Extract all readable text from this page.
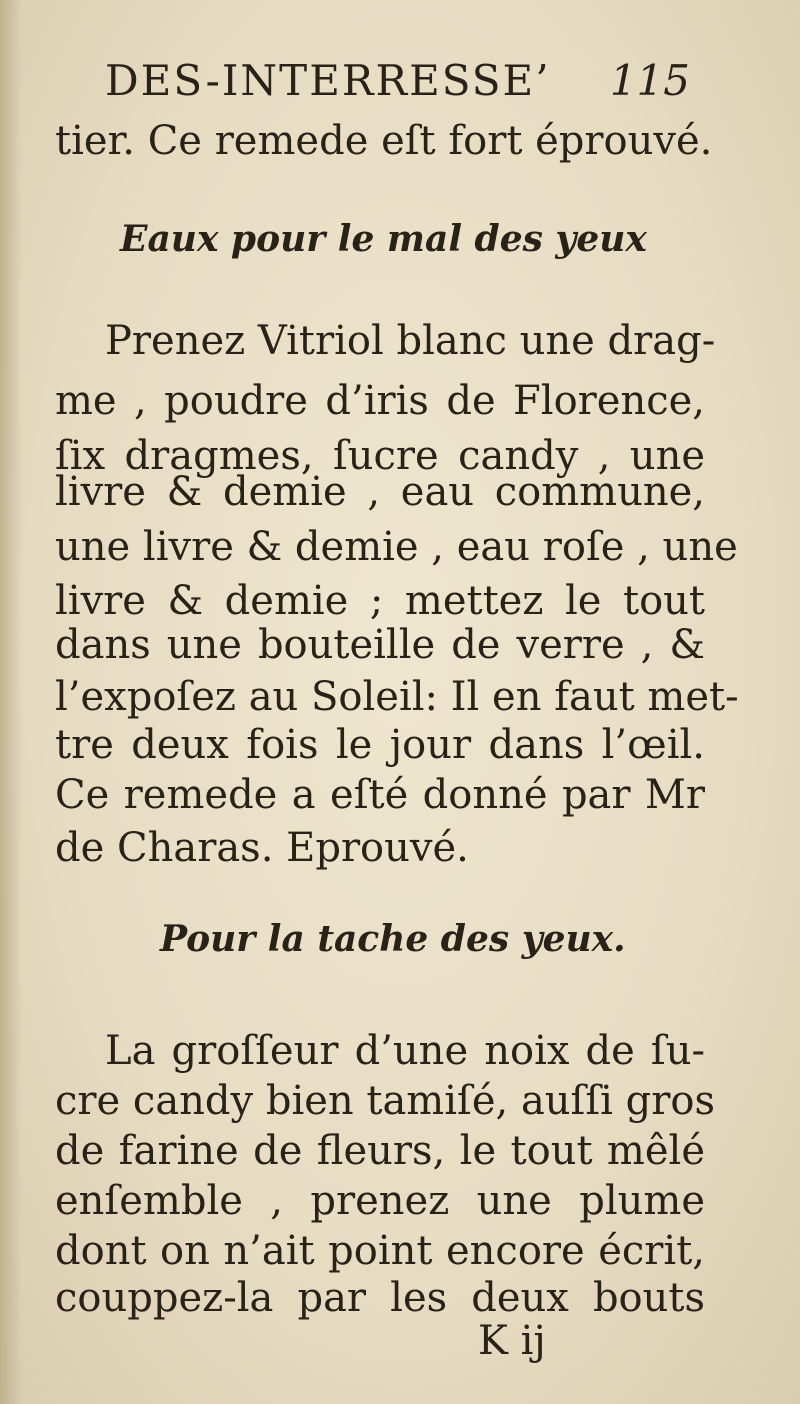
DES-INTERRESSE’ 115
tier. Ce remede eſt fort éprouvé.
Eaux pour le mal des yeux
Prenez Vitriol blanc une drag-
me , poudre d’iris de Florence,
ſix dragmes, ſucre candy , une
livre & demie , eau commune,
une livre & demie , eau roſe , une
livre & demie ; mettez le tout
dans une bouteille de verre , &
l’expoſez au Soleil: Il en faut met-
tre deux fois le jour dans l’œil.
Ce remede a eſté donné par Mr
de Charas. Eprouvé.
Pour la tache des yeux.
La groſſeur d’une noix de ſu-
cre candy bien tamiſé, auſſi gros
de farine de fleurs, le tout mêlé
enſemble , prenez une plume
dont on n’ait point encore écrit,
couppez-la par les deux bouts
K ij
